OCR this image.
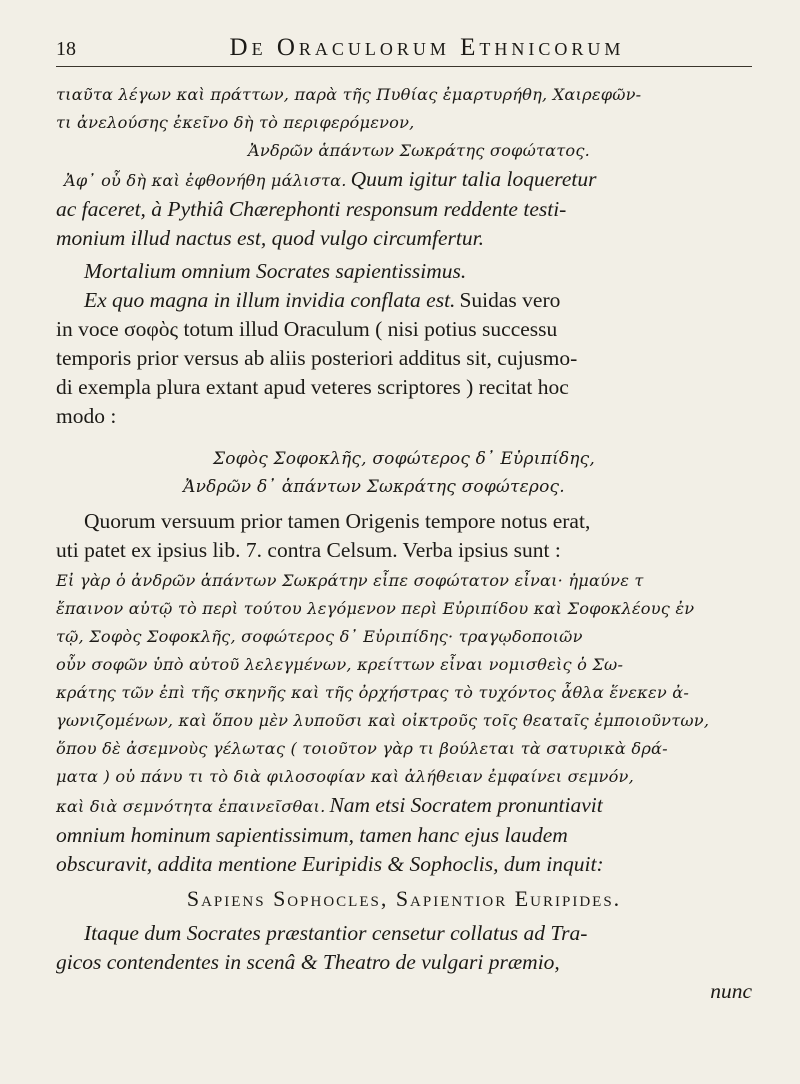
18	De Oraculorum Ethnicorum

τιαῦτα λέγων καὶ πράττων, παρὰ τῆς Πυθίας ἐμαρτυρήθη, Χαιρεφῶν-

τι ἀνελούσης ἐκεῖνο δὴ τὸ περιφερόμενον,

Ἀνδρῶν ἁπάντων Σωκράτης σοφώτατος.

Ἀφ᾽ οὗ δὴ καὶ ἐφθονήθη μάλιστα. Quum igitur talia loqueretur

ac faceret, à Pythiâ Chærephonti responsum reddente testi-

monium illud nactus est, quod vulgo circumfertur.

Mortalium omnium Socrates sapientissimus.

Ex quo magna in illum invidia conflata est. Suidas vero

in voce σοφὸς totum illud Oraculum ( nisi potius successu

temporis prior versus ab aliis posteriori additus sit, cujusmo-

di exempla plura extant apud veteres scriptores ) recitat hoc

modo :

Σοφὸς Σοφοκλῆς, σοφώτερος δ᾽ Εὐριπίδης,

Ἀνδρῶν δ᾽ ἁπάντων Σωκράτης σοφώτερος.

Quorum versuum prior tamen Origenis tempore notus erat,

uti patet ex ipsius lib. 7. contra Celsum. Verba ipsius sunt :

Εἰ γὰρ ὁ ἀνδρῶν ἁπάντων Σωκράτην εἶπε σοφώτατον εἶναι· ἠμαύνε τ

ἔπαινον αὐτῷ τὸ περὶ τούτου λεγόμενον περὶ Εὐριπίδου καὶ Σοφοκλέους ἐν

τῷ, Σοφὸς Σοφοκλῆς, σοφώτερος δ᾽ Εὐριπίδης· τραγῳδοποιῶν

οὖν σοφῶν ὑπὸ αὐτοῦ λελεγμένων, κρείττων εἶναι νομισθεὶς ὁ Σω-

κράτης τῶν ἐπὶ τῆς σκηνῆς καὶ τῆς ὀρχήστρας τὸ τυχόντος ἆθλα ἕνεκεν ἀ-

γωνιζομένων, καὶ ὅπου μὲν λυποῦσι καὶ οἰκτροῦς τοῖς θεαταῖς ἐμποιοῦντων,

ὅπου δὲ ἀσεμνοὺς γέλωτας ( τοιοῦτον γὰρ τι βούλεται τὰ σατυρικὰ δρά-

ματα ) οὐ πάνυ τι τὸ διὰ φιλοσοφίαν καὶ ἀλήθειαν ἐμφαίνει σεμνόν,

καὶ διὰ σεμνότητα ἐπαινεῖσθαι. Nam etsi Socratem pronuntiavit

omnium hominum sapientissimum, tamen hanc ejus laudem

obscuravit, addita mentione Euripidis & Sophoclis, dum inquit:

Sapiens Sophocles, Sapientior Euripides.

Itaque dum Socrates præstantior censetur collatus ad Tra-

gicos contendentes in scenâ & Theatro de vulgari præmio,

nunc
